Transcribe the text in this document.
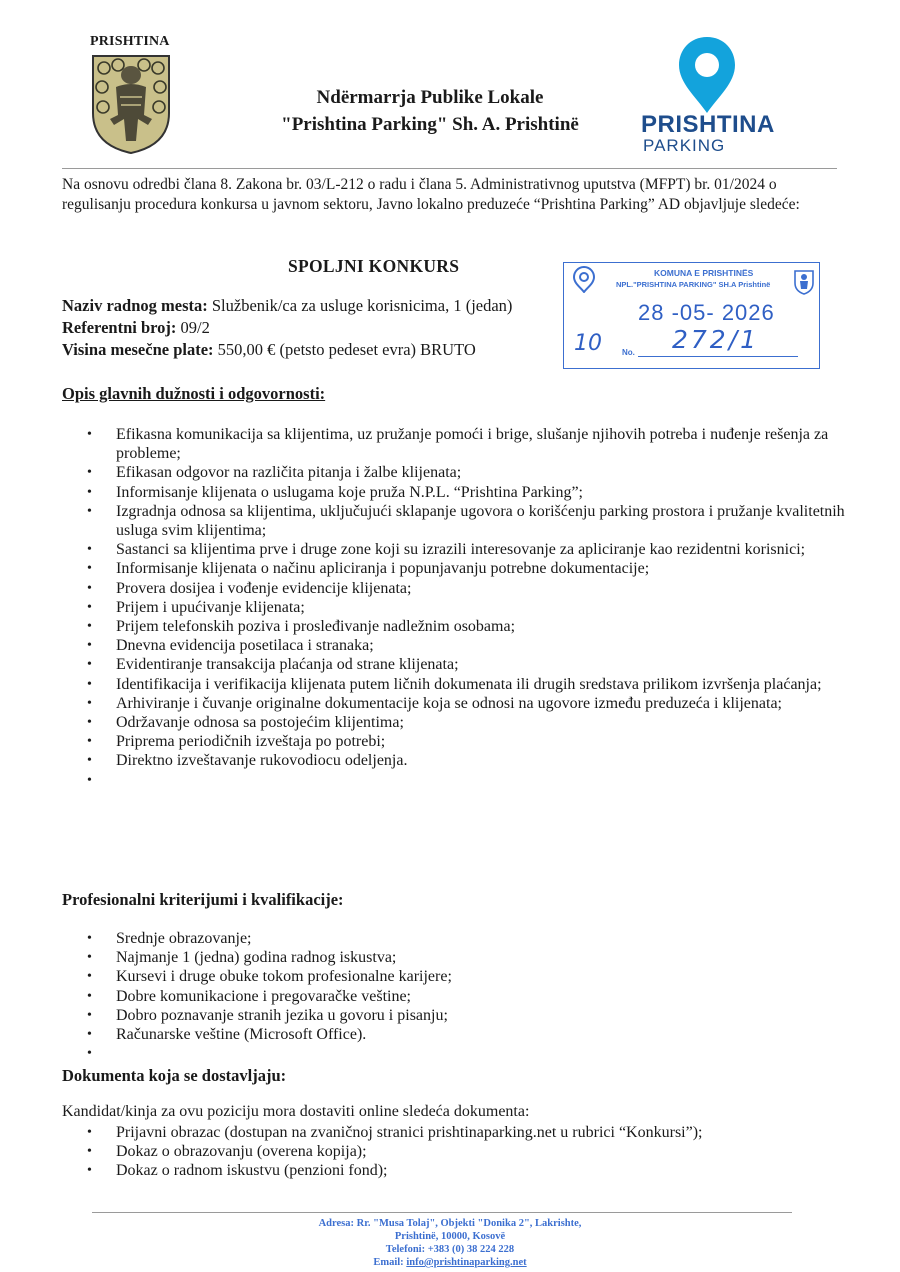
PRISHTINA
Ndërmarrja Publike Lokale
"Prishtina Parking" Sh. A. Prishtinë	PRISHTINA
PARKING
Na osnovu odredbi člana 8. Zakona br. 03/L-212 o radu i člana 5. Administrativnog uputstva (MFPT) br. 01/2024 o regulisanju procedura konkursa u javnom sektoru, Javno lokalno preduzeće “Prishtina Parking” AD objavljuje sledeće:
SPOLJNI KONKURS
Naziv radnog mesta: Službenik/ca za usluge korisnicima, 1 (jedan)
Referentni broj: 09/2
Visina mesečne plate: 550,00 € (petsto pedeset evra) BRUTO
KOMUNA E PRISHTINËS
NPL."PRISHTINA PARKING" SH.A Prishtinë
28 -05- 2026
10	No. 272/1
Opis glavnih dužnosti i odgovornosti:
• Efikasna komunikacija sa klijentima, uz pružanje pomoći i brige, slušanje njihovih potreba i nuđenje rešenja za probleme;
• Efikasan odgovor na različita pitanja i žalbe klijenata;
• Informisanje klijenata o uslugama koje pruža N.P.L. “Prishtina Parking”;
• Izgradnja odnosa sa klijentima, uključujući sklapanje ugovora o korišćenju parking prostora i pružanje kvalitetnih usluga svim klijentima;
• Sastanci sa klijentima prve i druge zone koji su izrazili interesovanje za apliciranje kao rezidentni korisnici;
• Informisanje klijenata o načinu apliciranja i popunjavanju potrebne dokumentacije;
• Provera dosijea i vođenje evidencije klijenata;
• Prijem i upućivanje klijenata;
• Prijem telefonskih poziva i prosleđivanje nadležnim osobama;
• Dnevna evidencija posetilaca i stranaka;
• Evidentiranje transakcija plaćanja od strane klijenata;
• Identifikacija i verifikacija klijenata putem ličnih dokumenata ili drugih sredstava prilikom izvršenja plaćanja;
• Arhiviranje i čuvanje originalne dokumentacije koja se odnosi na ugovore između preduzeća i klijenata;
• Održavanje odnosa sa postojećim klijentima;
• Priprema periodičnih izveštaja po potrebi;
• Direktno izveštavanje rukovodiocu odeljenja.
•
Profesionalni kriterijumi i kvalifikacije:
• Srednje obrazovanje;
• Najmanje 1 (jedna) godina radnog iskustva;
• Kursevi i druge obuke tokom profesionalne karijere;
• Dobre komunikacione i pregovaračke veštine;
• Dobro poznavanje stranih jezika u govoru i pisanju;
• Računarske veštine (Microsoft Office).
•
Dokumenta koja se dostavljaju:
Kandidat/kinja za ovu poziciju mora dostaviti online sledeća dokumenta:
• Prijavni obrazac (dostupan na zvaničnoj stranici prishtinaparking.net u rubrici “Konkursi”);
• Dokaz o obrazovanju (overena kopija);
• Dokaz o radnom iskustvu (penzioni fond);
Adresa: Rr. "Musa Tolaj", Objekti "Donika 2", Lakrishte,
Prishtinë, 10000, Kosovë
Telefoni: +383 (0) 38 224 228
Email: info@prishtinaparking.net
